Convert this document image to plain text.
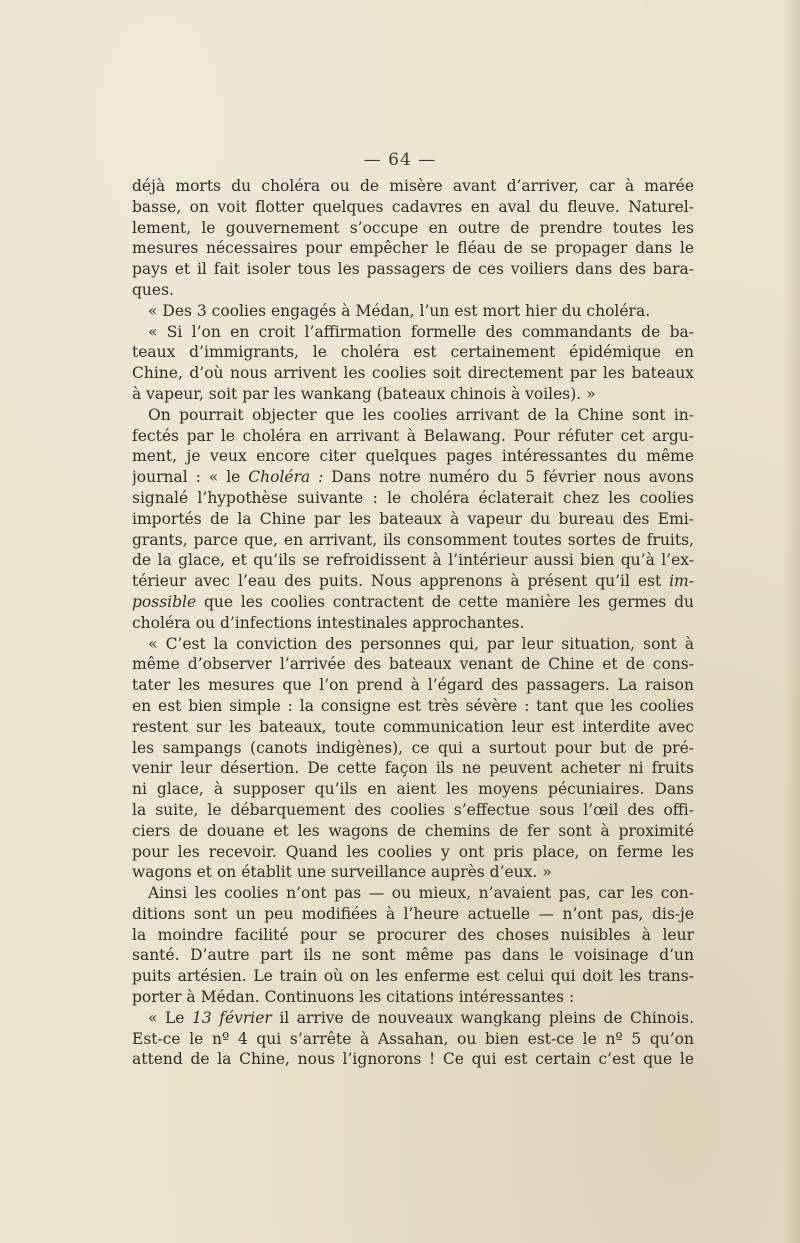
— 64 —
déjà morts du choléra ou de misère avant d’arriver, car à marée
basse, on voit flotter quelques cadavres en aval du fleuve. Naturel-
lement, le gouvernement s’occupe en outre de prendre toutes les
mesures nécessaires pour empêcher le fléau de se propager dans le
pays et il fait isoler tous les passagers de ces voiliers dans des bara-
ques.
« Des 3 coolies engagés à Médan, l’un est mort hier du choléra.
« Si l’on en croit l’affirmation formelle des commandants de ba-
teaux d’immigrants, le choléra est certainement épidémique en
Chine, d’où nous arrivent les coolies soit directement par les bateaux
à vapeur, soit par les wankang (bateaux chinois à voiles). »
On pourrait objecter que les coolies arrivant de la Chine sont in-
fectés par le choléra en arrivant à Belawang. Pour réfuter cet argu-
ment, je veux encore citer quelques pages intéressantes du même
journal : « le Choléra : Dans notre numéro du 5 février nous avons
signalé l’hypothèse suivante : le choléra éclaterait chez les coolies
importés de la Chine par les bateaux à vapeur du bureau des Emi-
grants, parce que, en arrivant, ils consomment toutes sortes de fruits,
de la glace, et qu’ils se refroidissent à l’intérieur aussi bien qu’à l’ex-
térieur avec l’eau des puits. Nous apprenons à présent qu’il est im-
possible que les coolies contractent de cette manière les germes du
choléra ou d’infections intestinales approchantes.
« C’est la conviction des personnes qui, par leur situation, sont à
même d’observer l’arrivée des bateaux venant de Chine et de cons-
tater les mesures que l’on prend à l’égard des passagers. La raison
en est bien simple : la consigne est très sévère : tant que les coolies
restent sur les bateaux, toute communication leur est interdite avec
les sampangs (canots indigènes), ce qui a surtout pour but de pré-
venir leur désertion. De cette façon ils ne peuvent acheter ni fruits
ni glace, à supposer qu’ils en aient les moyens pécuniaires. Dans
la suite, le débarquement des coolies s’effectue sous l’œil des offi-
ciers de douane et les wagons de chemins de fer sont à proximité
pour les recevoir. Quand les coolies y ont pris place, on ferme les
wagons et on établit une surveillance auprès d’eux. »
Ainsi les coolies n’ont pas — ou mieux, n’avaient pas, car les con-
ditions sont un peu modifiées à l’heure actuelle — n’ont pas, dis-je
la moindre facilité pour se procurer des choses nuisibles à leur
santé. D’autre part ils ne sont même pas dans le voisinage d’un
puits artésien. Le train où on les enferme est celui qui doit les trans-
porter à Médan. Continuons les citations intéressantes :
« Le 13 février il arrive de nouveaux wangkang pleins de Chinois.
Est-ce le nº 4 qui s’arrête à Assahan, ou bien est-ce le nº 5 qu’on
attend de la Chine, nous l’ignorons ! Ce qui est certain c’est que le
